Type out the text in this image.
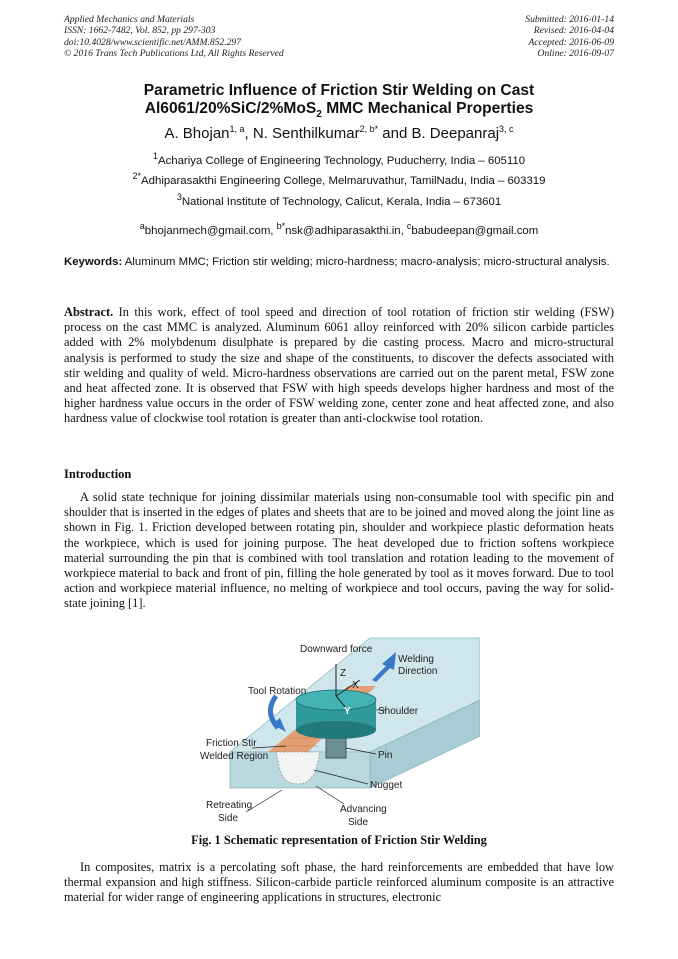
Applied Mechanics and Materials
ISSN: 1662-7482, Vol. 852, pp 297-303
doi:10.4028/www.scientific.net/AMM.852.297
© 2016 Trans Tech Publications Ltd, All Rights Reserved
Submitted: 2016-01-14
Revised: 2016-04-04
Accepted: 2016-06-09
Online: 2016-09-07
Parametric Influence of Friction Stir Welding on Cast
Al6061/20%SiC/2%MoS$_2$ MMC Mechanical Properties
A. Bhojan$^{1, a}$, N. Senthilkumar$^{2, b*}$ and B. Deepanraj$^{3, c}$
$^1$Achariya College of Engineering Technology, Puducherry, India – 605110
$^{2*}$Adhiparasakthi Engineering College, Melmaruvathur, TamilNadu, India – 603319
$^3$National Institute of Technology, Calicut, Kerala, India – 673601
$^a$bhojanmech@gmail.com, $^{b*}$nsk@adhiparasakthi.in, $^c$babudeepan@gmail.com
Keywords: Aluminum MMC; Friction stir welding; micro-hardness; macro-analysis; micro-structural analysis.
Abstract. In this work, effect of tool speed and direction of tool rotation of friction stir welding (FSW) process on the cast MMC is analyzed. Aluminum 6061 alloy reinforced with 20% silicon carbide particles added with 2% molybdenum disulphate is prepared by die casting process. Macro and micro-structural analysis is performed to study the size and shape of the constituents, to discover the defects associated with stir welding and quality of weld. Micro-hardness observations are carried out on the parent metal, FSW zone and heat affected zone. It is observed that FSW with high speeds develops higher hardness and most of the higher hardness value occurs in the order of FSW welding zone, center zone and heat affected zone, and also hardness value of clockwise tool rotation is greater than anti-clockwise tool rotation.
Introduction
A solid state technique for joining dissimilar materials using non-consumable tool with specific pin and shoulder that is inserted in the edges of plates and sheets that are to be joined and moved along the joint line as shown in Fig. 1. Friction developed between rotating pin, shoulder and workpiece plastic deformation heats the workpiece, which is used for joining purpose. The heat developed due to friction softens workpiece material surrounding the pin that is combined with tool translation and rotation leading to the movement of workpiece material to back and front of pin, filling the hole generated by tool as it moves forward. Due to tool action and workpiece material influence, no melting of workpiece and tool occurs, paving the way for solid-state joining [1].
Downward force
Welding
Direction
Tool Rotation
Z
X
Y	Shoulder
Friction Stir
Welded Region	Pin
Nugget
Retreating
Side
Advancing
Side
Fig. 1 Schematic representation of Friction Stir Welding
In composites, matrix is a percolating soft phase, the hard reinforcements are embedded that have low thermal expansion and high stiffness. Silicon-carbide particle reinforced aluminum composite is an attractive material for wider range of engineering applications in structures, electronic
